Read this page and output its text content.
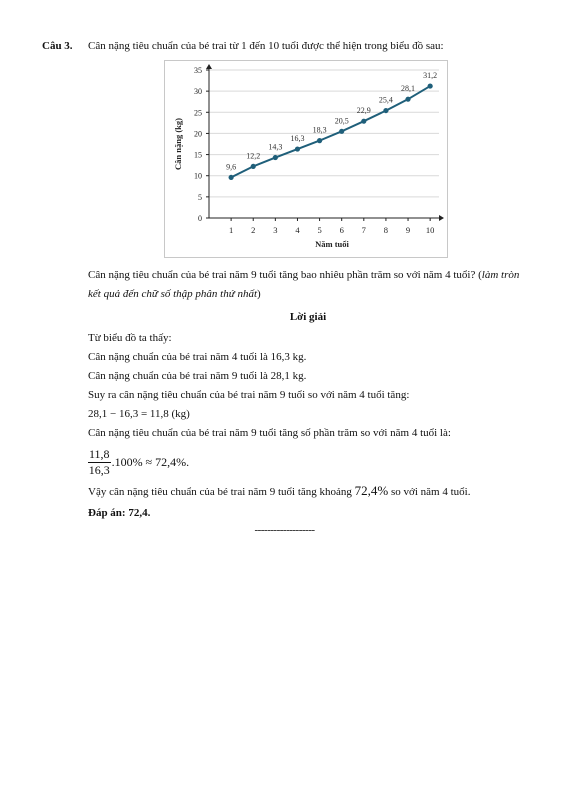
Câu 3. Cân nặng tiêu chuẩn của bé trai từ 1 đến 10 tuổi được thể hiện trong biểu đồ sau:
0
5
10
15
20
25
30
35
1 2 3 4 5 6 7 8 9 10
Năm tuổi
Cân nặng (kg)	9,6
12,2
14,3
16,3
18,3
20,5
22,9
25,4
28,1
31,2

Cân nặng tiêu chuẩn của bé trai năm 9 tuổi tăng bao nhiêu phần trăm so với năm 4 tuổi? (làm tròn kết quả đến chữ số thập phân thứ nhất)

Lời giải

Từ biểu đồ ta thấy:

Cân nặng chuẩn của bé trai năm 4 tuổi là 16,3 kg.

Cân nặng chuẩn của bé trai năm 9 tuổi là 28,1 kg.

Suy ra cân nặng tiêu chuẩn của bé trai năm 9 tuổi so với năm 4 tuổi tăng:

28,1 − 16,3 = 11,8 (kg)

Cân nặng tiêu chuẩn của bé trai năm 9 tuổi tăng số phần trăm so với năm 4 tuổi là:

$\frac{11,8}{16,3} .100\% \approx 72,4\%$.

Vậy cân nặng tiêu chuẩn của bé trai năm 9 tuổi tăng khoảng 72,4% so với năm 4 tuổi.

Đáp án: 72,4.

-------------------
